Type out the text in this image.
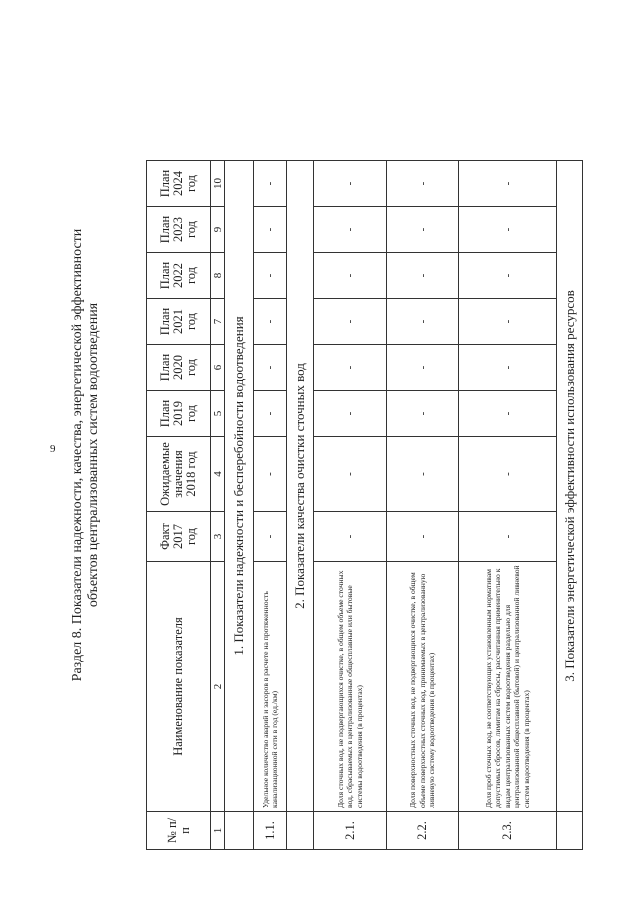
9 Раздел 8. Показатели надежности, качества, энергетической эффективности объектов централизованных систем водоотведения
№ п/п	Наименование показателя	Факт 2017 год	Ожидаемые значения 2018 год	План 2019 год	План 2020 год	План 2021 год	План 2022 год	План 2023 год	План 2024 год
1	2	3	4	5	6	7	8	9	10
	1. Показатели надежности и бесперебойности водоотведения								
1.1.	Удельное количество аварий и засоров в расчете на протяженность канализационной сети в год (ед./км)	-	-	-	-	-	-	-	-
	2. Показатели качества очистки сточных вод								
2.1.	Доля сточных вод, не подвергающихся очистке, в общем объеме сточных вод, сбрасываемых в централизованные общесплавные или бытовые системы водоотведения (в процентах)	-	-	-	-	-	-	-	-
2.2.	Доля поверхностных сточных вод, не подвергающихся очистке, в общем объеме поверхностных сточных вод, принимаемых в централизованную ливневую систему водоотведения (в процентах)	-	-	-	-	-	-	-	-
2.3.	Доля проб сточных вод, не соответствующих установленным нормативам допустимых сбросов, лимитам на сбросы, рассчитанная применительно к видам централизованных систем водоотведения раздельно для централизованной общесплавной (бытовой) и централизованной ливневой систем водоотведения (в процентах)	-	-	-	-	-	-	-	-
	3. Показатели энергетической эффективности использования ресурсов								
